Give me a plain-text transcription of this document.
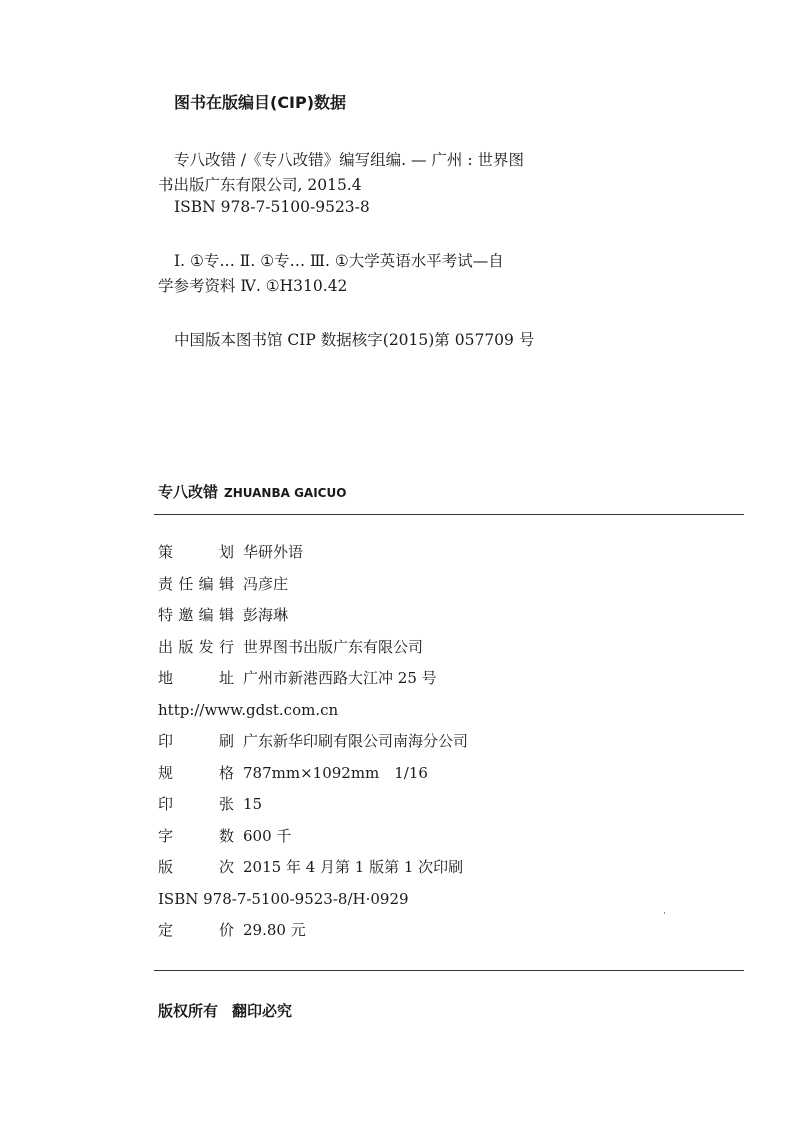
图书在版编目(CIP)数据
专八改错 /《专八改错》编写组编. — 广州 : 世界图
书出版广东有限公司, 2015.4
ISBN 978-7-5100-9523-8
Ⅰ. ①专… Ⅱ. ①专… Ⅲ. ①大学英语水平考试—自
学参考资料 Ⅳ. ①H310.42
中国版本图书馆 CIP 数据核字(2015)第 057709 号
专八改错 ZHUANBA GAICUO
策	划 华研外语
责 任 编 辑 冯彦庄
特 邀 编 辑 彭海琳
出 版 发 行 世界图书出版广东有限公司
地	址 广州市新港西路大江冲 25 号
http://www.gdst.com.cn
印	刷 广东新华印刷有限公司南海分公司
规	格 787mm×1092mm　1/16
印	张 15
字	数 600 千
版	次 2015 年 4 月第 1 版第 1 次印刷
ISBN 978-7-5100-9523-8/H·0929
定	价 29.80 元
版权所有 翻印必究
